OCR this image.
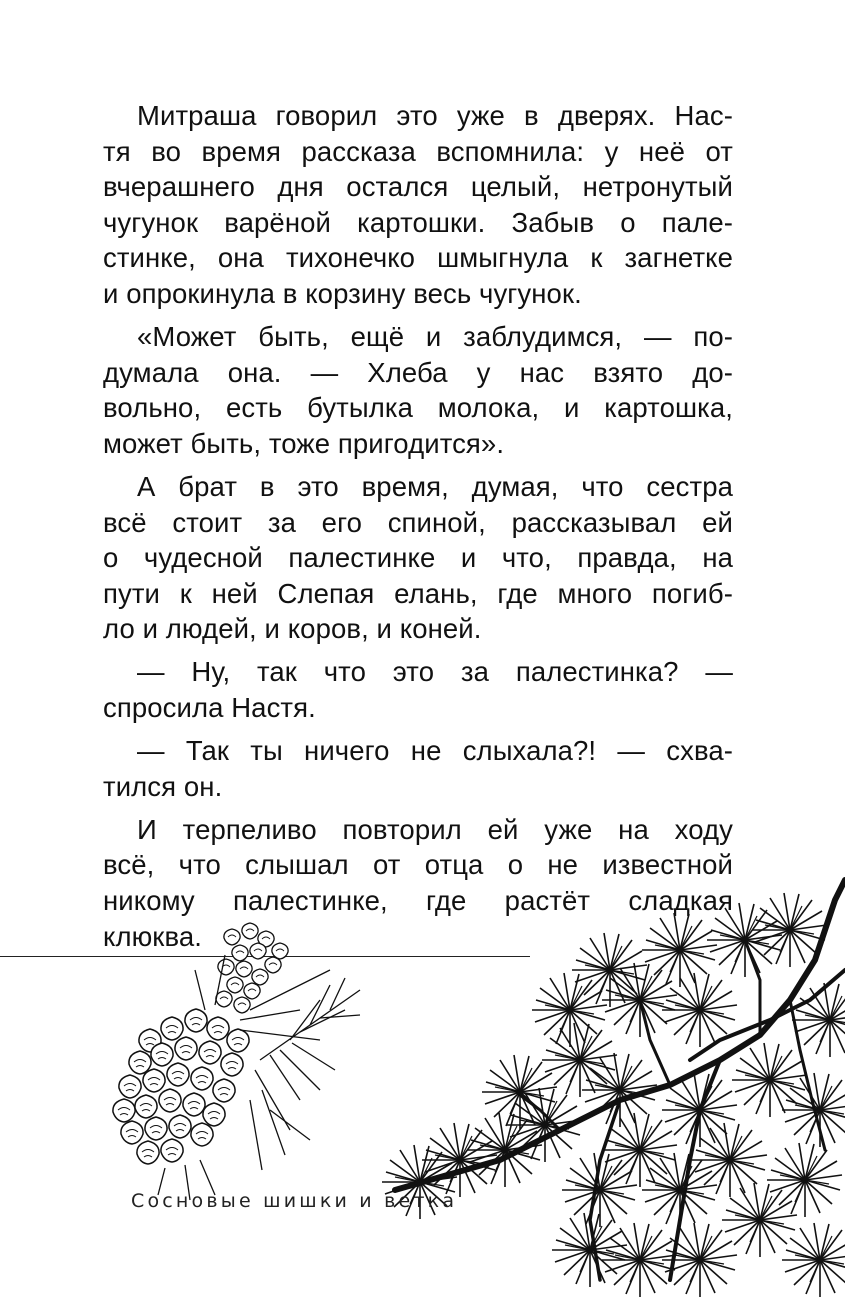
Митраша говорил это уже в дверях. Нас-
тя во время рассказа вспомнила: у неё от
вчерашнего дня остался целый, нетронутый
чугунок варёной картошки. Забыв о пале-
стинке, она тихонечко шмыгнула к загнетке
и опрокинула в корзину весь чугунок.
«Может быть, ещё и заблудимся, — по-
думала она. — Хлеба у нас взято до-
вольно, есть бутылка молока, и картошка,
может быть, тоже пригодится».
А брат в это время, думая, что сестра
всё стоит за его спиной, рассказывал ей
о чудесной палестинке и что, правда, на
пути к ней Слепая елань, где много погиб-
ло и людей, и коров, и коней.
— Ну, так что это за палестинка? —
спросила Настя.
— Так ты ничего не слыхала?! — схва-
тился он.
И терпеливо повторил ей уже на ходу
всё, что слышал от отца о не известной
никому палестинке, где растёт сладкая
клюква.
Сосновые шишки и ветка
